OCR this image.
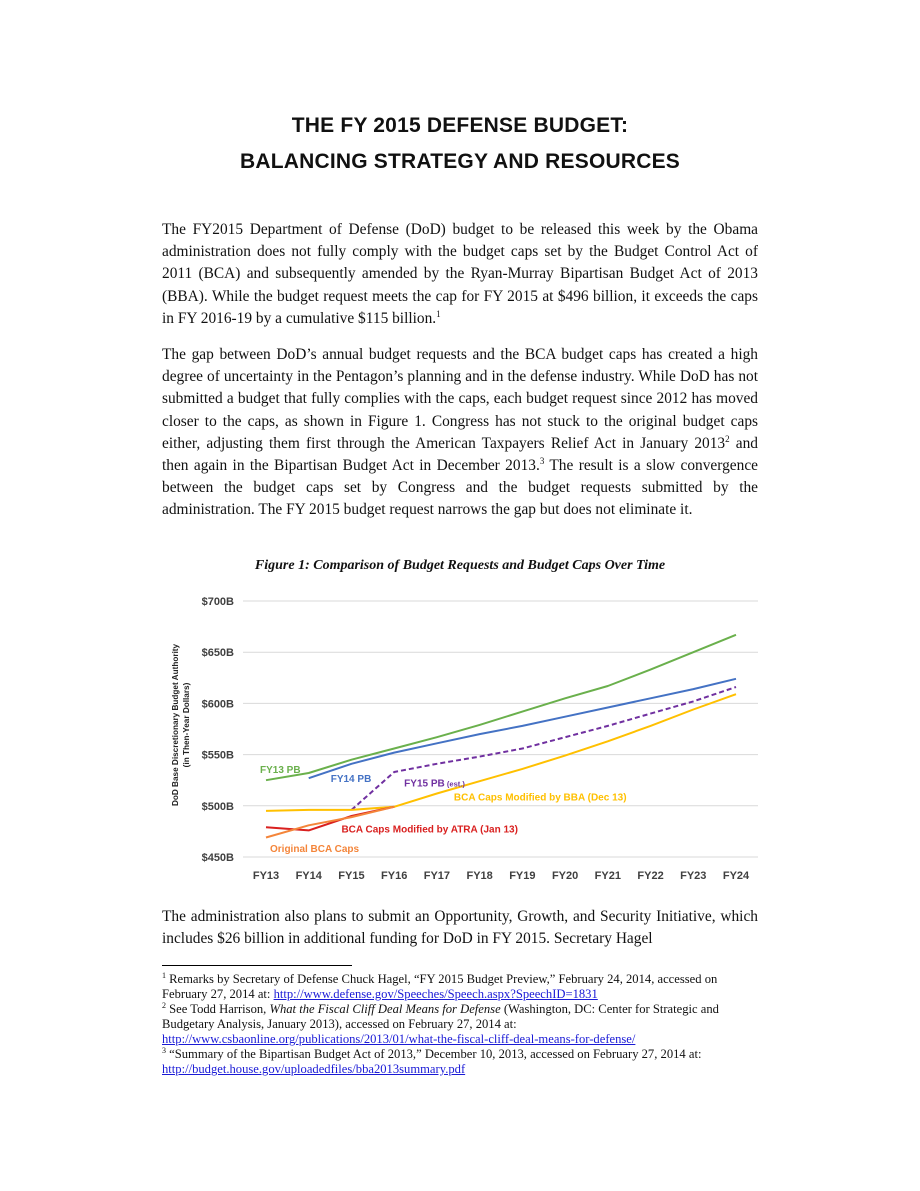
THE FY 2015 DEFENSE BUDGET:
BALANCING STRATEGY AND RESOURCES

The FY2015 Department of Defense (DoD) budget to be released this week by the Obama administration does not fully comply with the budget caps set by the Budget Control Act of 2011 (BCA) and subsequently amended by the Ryan-Murray Bipartisan Budget Act of 2013 (BBA). While the budget request meets the cap for FY 2015 at $496 billion, it exceeds the caps in FY 2016-19 by a cumulative $115 billion.$^1$

The gap between DoD’s annual budget requests and the BCA budget caps has created a high degree of uncertainty in the Pentagon’s planning and in the defense industry. While DoD has not submitted a budget that fully complies with the caps, each budget request since 2012 has moved closer to the caps, as shown in Figure 1. Congress has not stuck to the original budget caps either, adjusting them first through the American Taxpayers Relief Act in January 2013$^2$ and then again in the Bipartisan Budget Act in December 2013.$^3$ The result is a slow convergence between the budget caps set by Congress and the budget requests submitted by the administration. The FY 2015 budget request narrows the gap but does not eliminate it.

Figure 1: Comparison of Budget Requests and Budget Caps Over Time
$700B
$650B
$600B
$550B
$500B
$450B
FY13 FY14 FY15 FY16 FY17 FY18 FY19 FY20 FY21 FY22 FY23 FY24
DoD Base Discretionary Budget Authority (in Then-Year Dollars)
FY13 PB
FY14 PB	FY15 PB (est.)
BCA Caps Modified by BBA (Dec 13)
BCA Caps Modified by ATRA (Jan 13)
Original BCA Caps

The administration also plans to submit an Opportunity, Growth, and Security Initiative, which includes $26 billion in additional funding for DoD in FY 2015. Secretary Hagel

$^1$ Remarks by Secretary of Defense Chuck Hagel, “FY 2015 Budget Preview,” February 24, 2014, accessed on February 27, 2014 at: http://www.defense.gov/Speeches/Speech.aspx?SpeechID=1831

$^2$ See Todd Harrison, What the Fiscal Cliff Deal Means for Defense (Washington, DC: Center for Strategic and Budgetary Analysis, January 2013), accessed on February 27, 2014 at:
http://www.csbaonline.org/publications/2013/01/what-the-fiscal-cliff-deal-means-for-defense/

$^3$ “Summary of the Bipartisan Budget Act of 2013,” December 10, 2013, accessed on February 27, 2014 at:
http://budget.house.gov/uploadedfiles/bba2013summary.pdf
